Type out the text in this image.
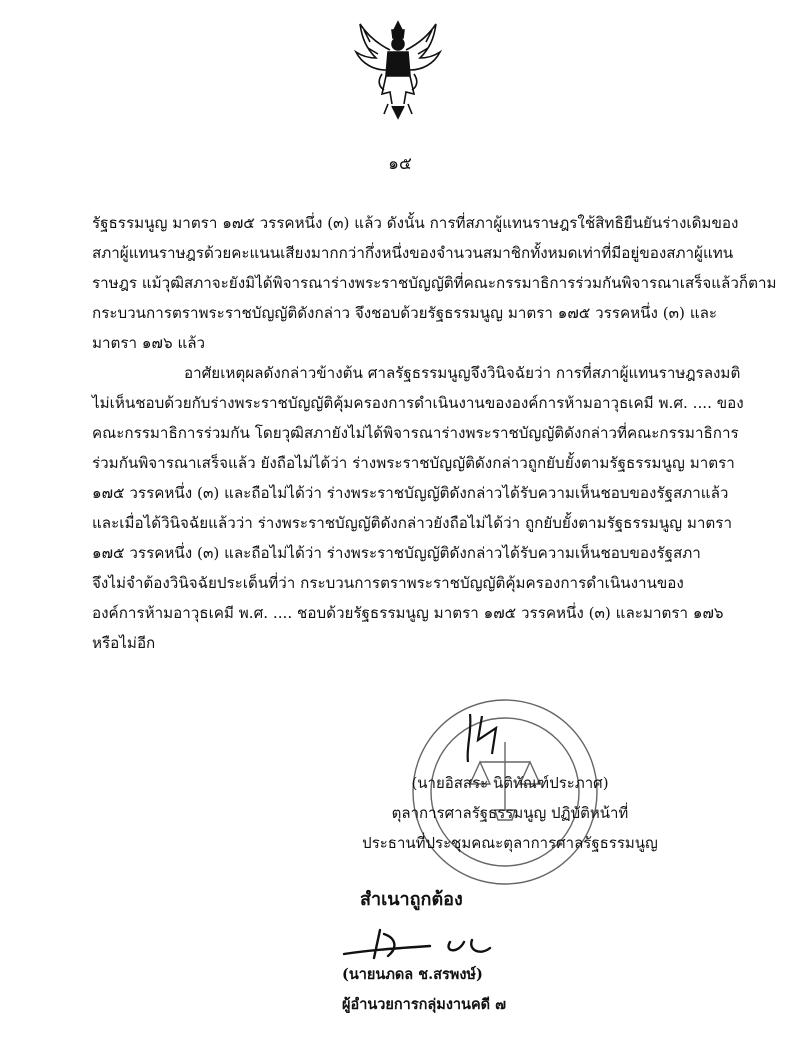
๑๕

รัฐธรรมนูญ มาตรา ๑๗๕ วรรคหนึ่ง (๓) แล้ว ดังนั้น การที่สภาผู้แทนราษฎรใช้สิทธิยืนยันร่างเดิมของ
สภาผู้แทนราษฎรด้วยคะแนนเสียงมากกว่ากึ่งหนึ่งของจำนวนสมาชิกทั้งหมดเท่าที่มีอยู่ของสภาผู้แทน
ราษฎร แม้วุฒิสภาจะยังมิได้พิจารณาร่างพระราชบัญญัติที่คณะกรรมาธิการร่วมกันพิจารณาเสร็จแล้วก็ตาม
กระบวนการตราพระราชบัญญัติดังกล่าว จึงชอบด้วยรัฐธรรมนูญ มาตรา ๑๗๕ วรรคหนึ่ง (๓) และ
มาตรา ๑๗๖ แล้ว

อาศัยเหตุผลดังกล่าวข้างต้น ศาลรัฐธรรมนูญจึงวินิจฉัยว่า การที่สภาผู้แทนราษฎรลงมติ
ไม่เห็นชอบด้วยกับร่างพระราชบัญญัติคุ้มครองการดำเนินงานขององค์การห้ามอาวุธเคมี พ.ศ. .... ของ
คณะกรรมาธิการร่วมกัน โดยวุฒิสภายังไม่ได้พิจารณาร่างพระราชบัญญัติดังกล่าวที่คณะกรรมาธิการ
ร่วมกันพิจารณาเสร็จแล้ว ยังถือไม่ได้ว่า ร่างพระราชบัญญัติดังกล่าวถูกยับยั้งตามรัฐธรรมนูญ มาตรา
๑๗๕ วรรคหนึ่ง (๓) และถือไม่ได้ว่า ร่างพระราชบัญญัติดังกล่าวได้รับความเห็นชอบของรัฐสภาแล้ว
และเมื่อได้วินิจฉัยแล้วว่า ร่างพระราชบัญญัติดังกล่าวยังถือไม่ได้ว่า ถูกยับยั้งตามรัฐธรรมนูญ มาตรา
๑๗๕ วรรคหนึ่ง (๓) และถือไม่ได้ว่า ร่างพระราชบัญญัติดังกล่าวได้รับความเห็นชอบของรัฐสภา
จึงไม่จำต้องวินิจฉัยประเด็นที่ว่า กระบวนการตราพระราชบัญญัติคุ้มครองการดำเนินงานของ
องค์การห้ามอาวุธเคมี พ.ศ. .... ชอบด้วยรัฐธรรมนูญ มาตรา ๑๗๕ วรรคหนึ่ง (๓) และมาตรา ๑๗๖
หรือไม่อีก

(นายอิสสระ นิติทัณฑ์ประภาศ)
ตุลาการศาลรัฐธรรมนูญ ปฏิบัติหน้าที่
ประธานที่ประชุมคณะตุลาการศาลรัฐธรรมนูญ
สำเนาถูกต้อง
(นายนภดล ช.สรพงษ์)
ผู้อำนวยการกลุ่มงานคดี ๗
